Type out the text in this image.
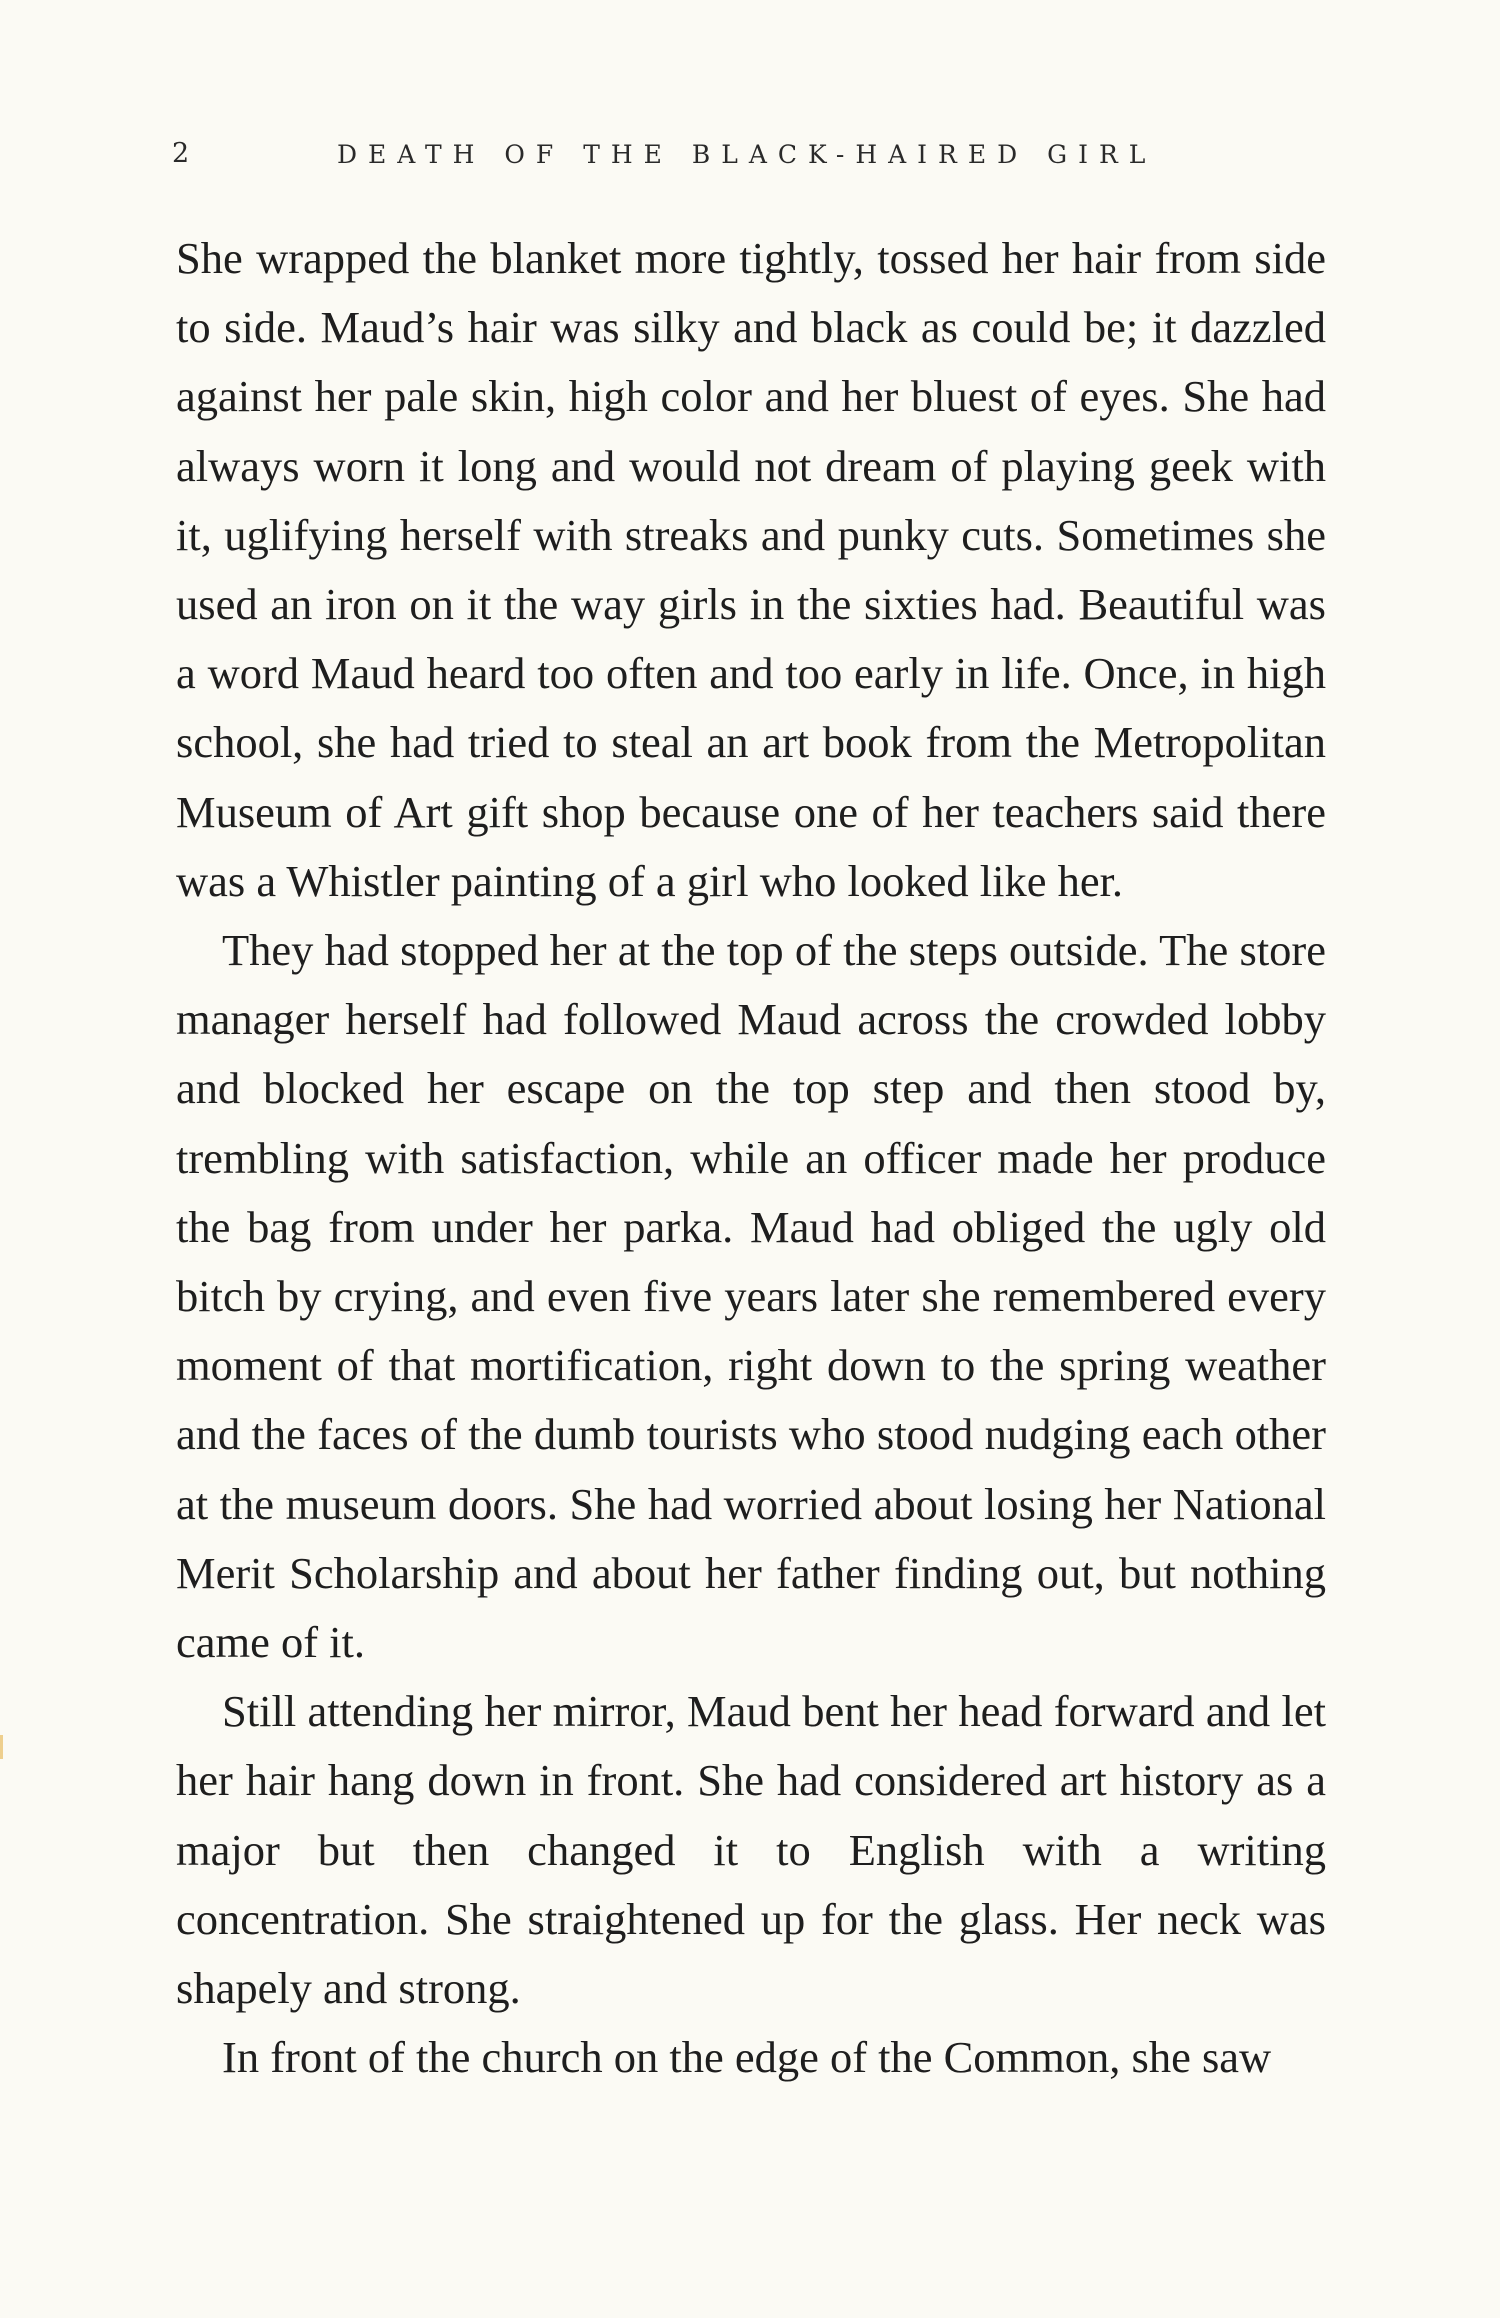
2	DEATH OF THE BLACK-HAIRED GIRL

She wrapped the blanket more tightly, tossed her hair from side to side. Maud’s hair was silky and black as could be; it dazzled against her pale skin, high color and her bluest of eyes. She had always worn it long and would not dream of playing geek with it, uglifying herself with streaks and punky cuts. Sometimes she used an iron on it the way girls in the sixties had. Beautiful was a word Maud heard too often and too early in life. Once, in high school, she had tried to steal an art book from the Metropolitan Museum of Art gift shop because one of her teachers said there was a Whistler painting of a girl who looked like her.

They had stopped her at the top of the steps outside. The store manager herself had followed Maud across the crowded lobby and blocked her escape on the top step and then stood by, trembling with satisfaction, while an officer made her produce the bag from under her parka. Maud had obliged the ugly old bitch by crying, and even five years later she remembered every moment of that mortification, right down to the spring weather and the faces of the dumb tourists who stood nudging each other at the museum doors. She had worried about losing her National Merit Scholarship and about her father finding out, but nothing came of it.

Still attending her mirror, Maud bent her head forward and let her hair hang down in front. She had considered art history as a major but then changed it to English with a writing concentration. She straightened up for the glass. Her neck was shapely and strong.

In front of the church on the edge of the Common, she saw
